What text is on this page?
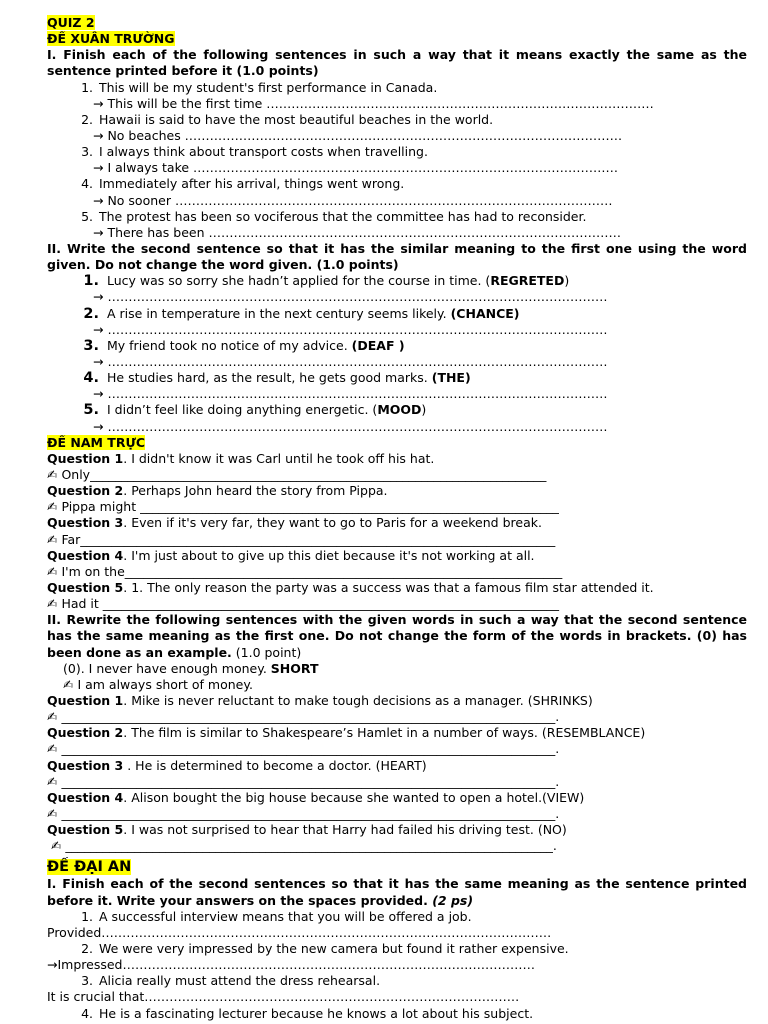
QUIZ 2
ĐỀ XUÂN TRƯỜNG
I. Finish each of the following sentences in such a way that it means exactly the same as the sentence printed before it (1.0 points)
1. This will be my student's first performance in Canada.
→ This will be the first time …………………………………………………………………………………
2. Hawaii is said to have the most beautiful beaches in the world.
→ No beaches ……………………………………………………………………………………………
3. I always think about transport costs when travelling.
→ I always take …………………………………………………………………………………………
4. Immediately after his arrival, things went wrong.
→ No sooner ……………………………………………………………………………………………
5. The protest has been so vociferous that the committee has had to reconsider.
→ There has been ………………………………………………………………………………………
II. Write the second sentence so that it has the similar meaning to the first one using the word given. Do not change the word given. (1.0 points)
1. Lucy was so sorry she hadn’t applied for the course in time. (REGRETED)
→ …………………………………………………………………………………………………………
2. A rise in temperature in the next century seems likely. (CHANCE)
→ …………………………………………………………………………………………………………
3. My friend took no notice of my advice. (DEAF )
→ …………………………………………………………………………………………………………
4. He studies hard, as the result, he gets good marks. (THE)
→ …………………………………………………………………………………………………………
5. I didn’t feel like doing anything energetic. (MOOD)
→ …………………………………………………………………………………………………………
ĐỀ NAM TRỰC
Question 1. I didn't know it was Carl until he took off his hat.
✍ Only_________________________________________________________________________
Question 2. Perhaps John heard the story from Pippa.
✍ Pippa might ___________________________________________________________________
Question 3. Even if it's very far, they want to go to Paris for a weekend break.
✍ Far____________________________________________________________________________
Question 4. I'm just about to give up this diet because it's not working at all.
✍ I'm on the______________________________________________________________________
Question 5. 1. The only reason the party was a success was that a famous film star attended it.
✍ Had it _________________________________________________________________________
II. Rewrite the following sentences with the given words in such a way that the second sentence has the same meaning as the first one. Do not change the form of the words in brackets. (0) has been done as an example. (1.0 point)
(0). I never have enough money. SHORT
✍ I am always short of money.
Question 1. Mike is never reluctant to make tough decisions as a manager. (SHRINKS)
✍ _______________________________________________________________________________.
Question 2. The film is similar to Shakespeare’s Hamlet in a number of ways. (RESEMBLANCE)
✍ _______________________________________________________________________________.
Question 3 . He is determined to become a doctor. (HEART)
✍ _______________________________________________________________________________.
Question 4. Alison bought the big house because she wanted to open a hotel.(VIEW)
✍ _______________________________________________________________________________.
Question 5. I was not surprised to hear that Harry had failed his driving test. (NO)
✍ ______________________________________________________________________________.
ĐỀ ĐẠI AN
I. Finish each of the second sentences so that it has the same meaning as the sentence printed before it. Write your answers on the spaces provided. (2 ps)
1. A successful interview means that you will be offered a job.
Provided………………………………………………………………………………………………
2. We were very impressed by the new camera but found it rather expensive.
→Impressed………………………………………………………………………………………
3. Alicia really must attend the dress rehearsal.
It is crucial that………………………………………………………………………………
4. He is a fascinating lecturer because he knows a lot about his subject.
